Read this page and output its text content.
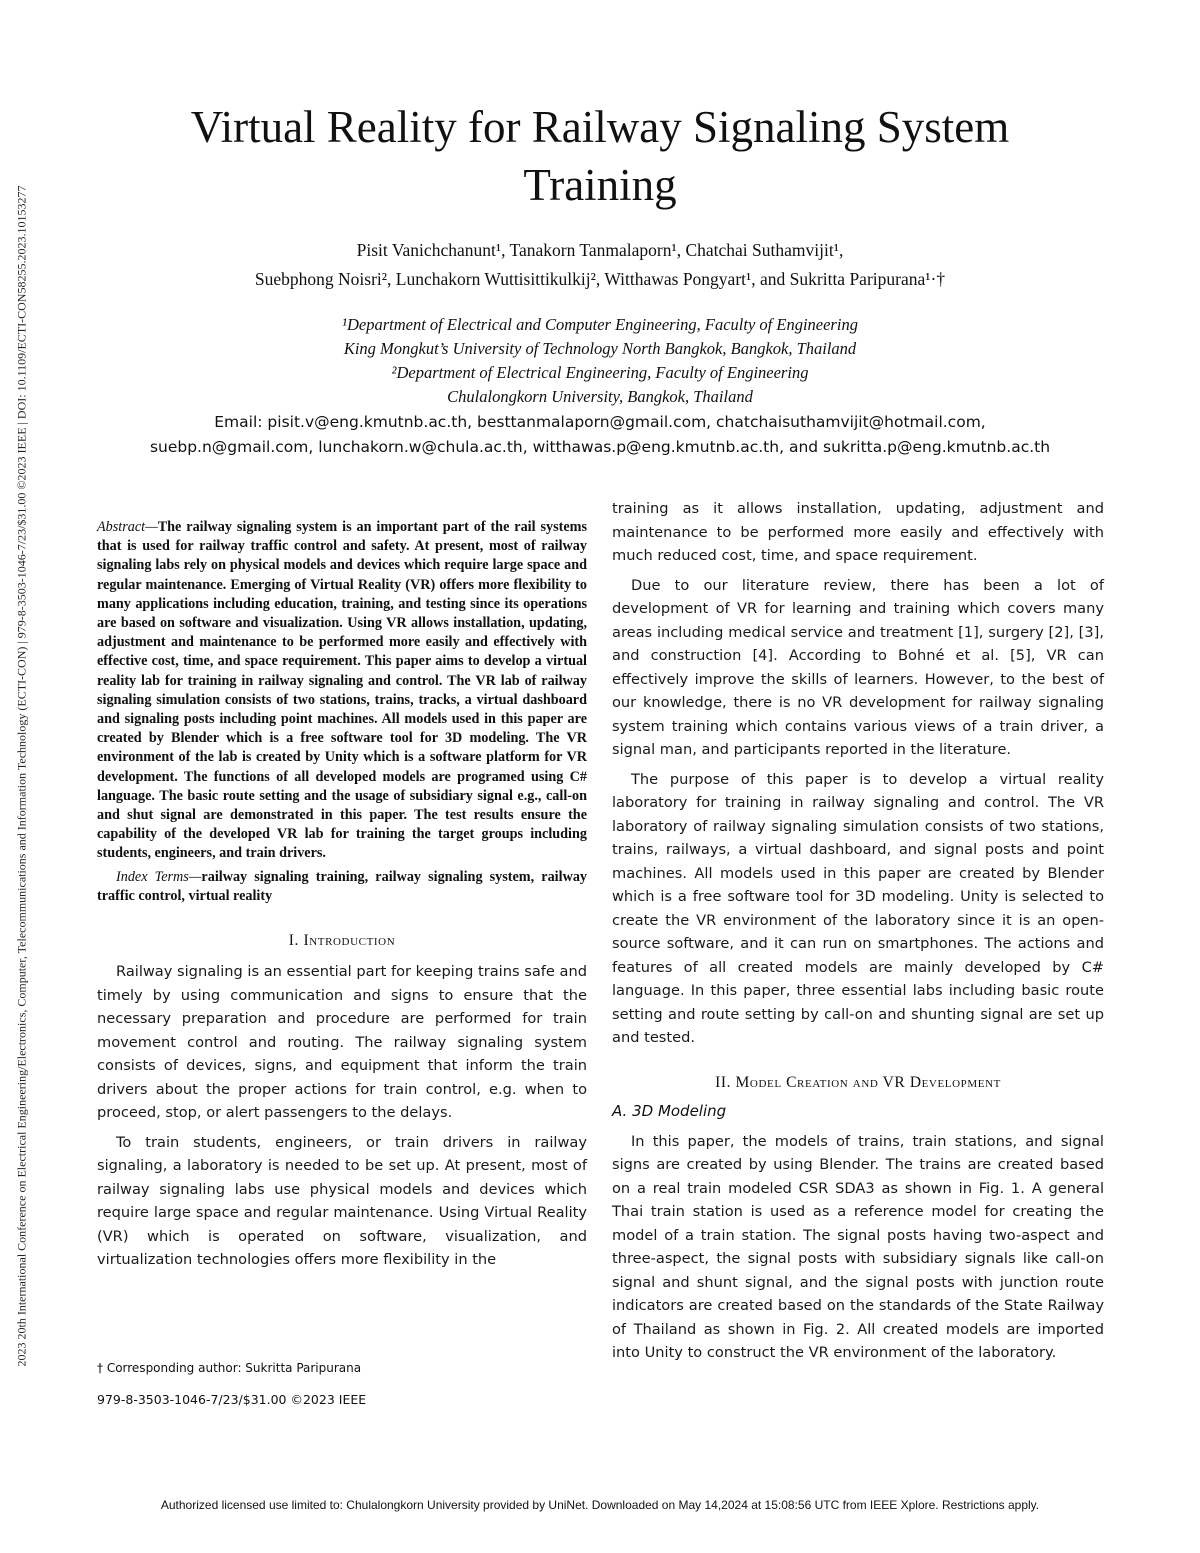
2023 20th International Conference on Electrical Engineering/Electronics, Computer, Telecommunications and Information Technology (ECTI-CON) | 979-8-3503-1046-7/23/$31.00 ©2023 IEEE | DOI: 10.1109/ECTI-CON58255.2023.10153277
Virtual Reality for Railway Signaling System Training
Pisit Vanichchanunt¹, Tanakorn Tanmalaporn¹, Chatchai Suthamvijit¹,
Suebphong Noisri², Lunchakorn Wuttisittikulkij², Witthawas Pongyart¹, and Sukritta Paripurana¹·†
¹Department of Electrical and Computer Engineering, Faculty of Engineering
King Mongkut’s University of Technology North Bangkok, Bangkok, Thailand
²Department of Electrical Engineering, Faculty of Engineering
Chulalongkorn University, Bangkok, Thailand
Email: pisit.v@eng.kmutnb.ac.th, besttanmalaporn@gmail.com, chatchaisuthamvijit@hotmail.com,
suebp.n@gmail.com, lunchakorn.w@chula.ac.th, witthawas.p@eng.kmutnb.ac.th, and sukritta.p@eng.kmutnb.ac.th

Abstract—The railway signaling system is an important part of the rail systems that is used for railway traffic control and safety. At present, most of railway signaling labs rely on physical models and devices which require large space and regular maintenance. Emerging of Virtual Reality (VR) offers more flexibility to many applications including education, training, and testing since its operations are based on software and visualization. Using VR allows installation, updating, adjustment and maintenance to be performed more easily and effectively with effective cost, time, and space requirement. This paper aims to develop a virtual reality lab for training in railway signaling and control. The VR lab of railway signaling simulation consists of two stations, trains, tracks, a virtual dashboard and signaling posts including point machines. All models used in this paper are created by Blender which is a free software tool for 3D modeling. The VR environment of the lab is created by Unity which is a software platform for VR development. The functions of all developed models are programed using C# language. The basic route setting and the usage of subsidiary signal e.g., call-on and shut signal are demonstrated in this paper. The test results ensure the capability of the developed VR lab for training the target groups including students, engineers, and train drivers.

Index Terms—railway signaling training, railway signaling system, railway traffic control, virtual reality

I. Introduction

Railway signaling is an essential part for keeping trains safe and timely by using communication and signs to ensure that the necessary preparation and procedure are performed for train movement control and routing. The railway signaling system consists of devices, signs, and equipment that inform the train drivers about the proper actions for train control, e.g. when to proceed, stop, or alert passengers to the delays.

To train students, engineers, or train drivers in railway signaling, a laboratory is needed to be set up. At present, most of railway signaling labs use physical models and devices which require large space and regular maintenance. Using Virtual Reality (VR) which is operated on software, visualization, and virtualization technologies offers more flexibility in the

training as it allows installation, updating, adjustment and maintenance to be performed more easily and effectively with much reduced cost, time, and space requirement.

Due to our literature review, there has been a lot of development of VR for learning and training which covers many areas including medical service and treatment [1], surgery [2], [3], and construction [4]. According to Bohné et al. [5], VR can effectively improve the skills of learners. However, to the best of our knowledge, there is no VR development for railway signaling system training which contains various views of a train driver, a signal man, and participants reported in the literature.

The purpose of this paper is to develop a virtual reality laboratory for training in railway signaling and control. The VR laboratory of railway signaling simulation consists of two stations, trains, railways, a virtual dashboard, and signal posts and point machines. All models used in this paper are created by Blender which is a free software tool for 3D modeling. Unity is selected to create the VR environment of the laboratory since it is an open-source software, and it can run on smartphones. The actions and features of all created models are mainly developed by C# language. In this paper, three essential labs including basic route setting and route setting by call-on and shunting signal are set up and tested.

II. Model Creation and VR Development
A. 3D Modeling

In this paper, the models of trains, train stations, and signal signs are created by using Blender. The trains are created based on a real train modeled CSR SDA3 as shown in Fig. 1. A general Thai train station is used as a reference model for creating the model of a train station. The signal posts having two-aspect and three-aspect, the signal posts with subsidiary signals like call-on signal and shunt signal, and the signal posts with junction route indicators are created based on the standards of the State Railway of Thailand as shown in Fig. 2. All created models are imported into Unity to construct the VR environment of the laboratory.

† Corresponding author: Sukritta Paripurana
979-8-3503-1046-7/23/$31.00 ©2023 IEEE
Authorized licensed use limited to: Chulalongkorn University provided by UniNet. Downloaded on May 14,2024 at 15:08:56 UTC from IEEE Xplore. Restrictions apply.
